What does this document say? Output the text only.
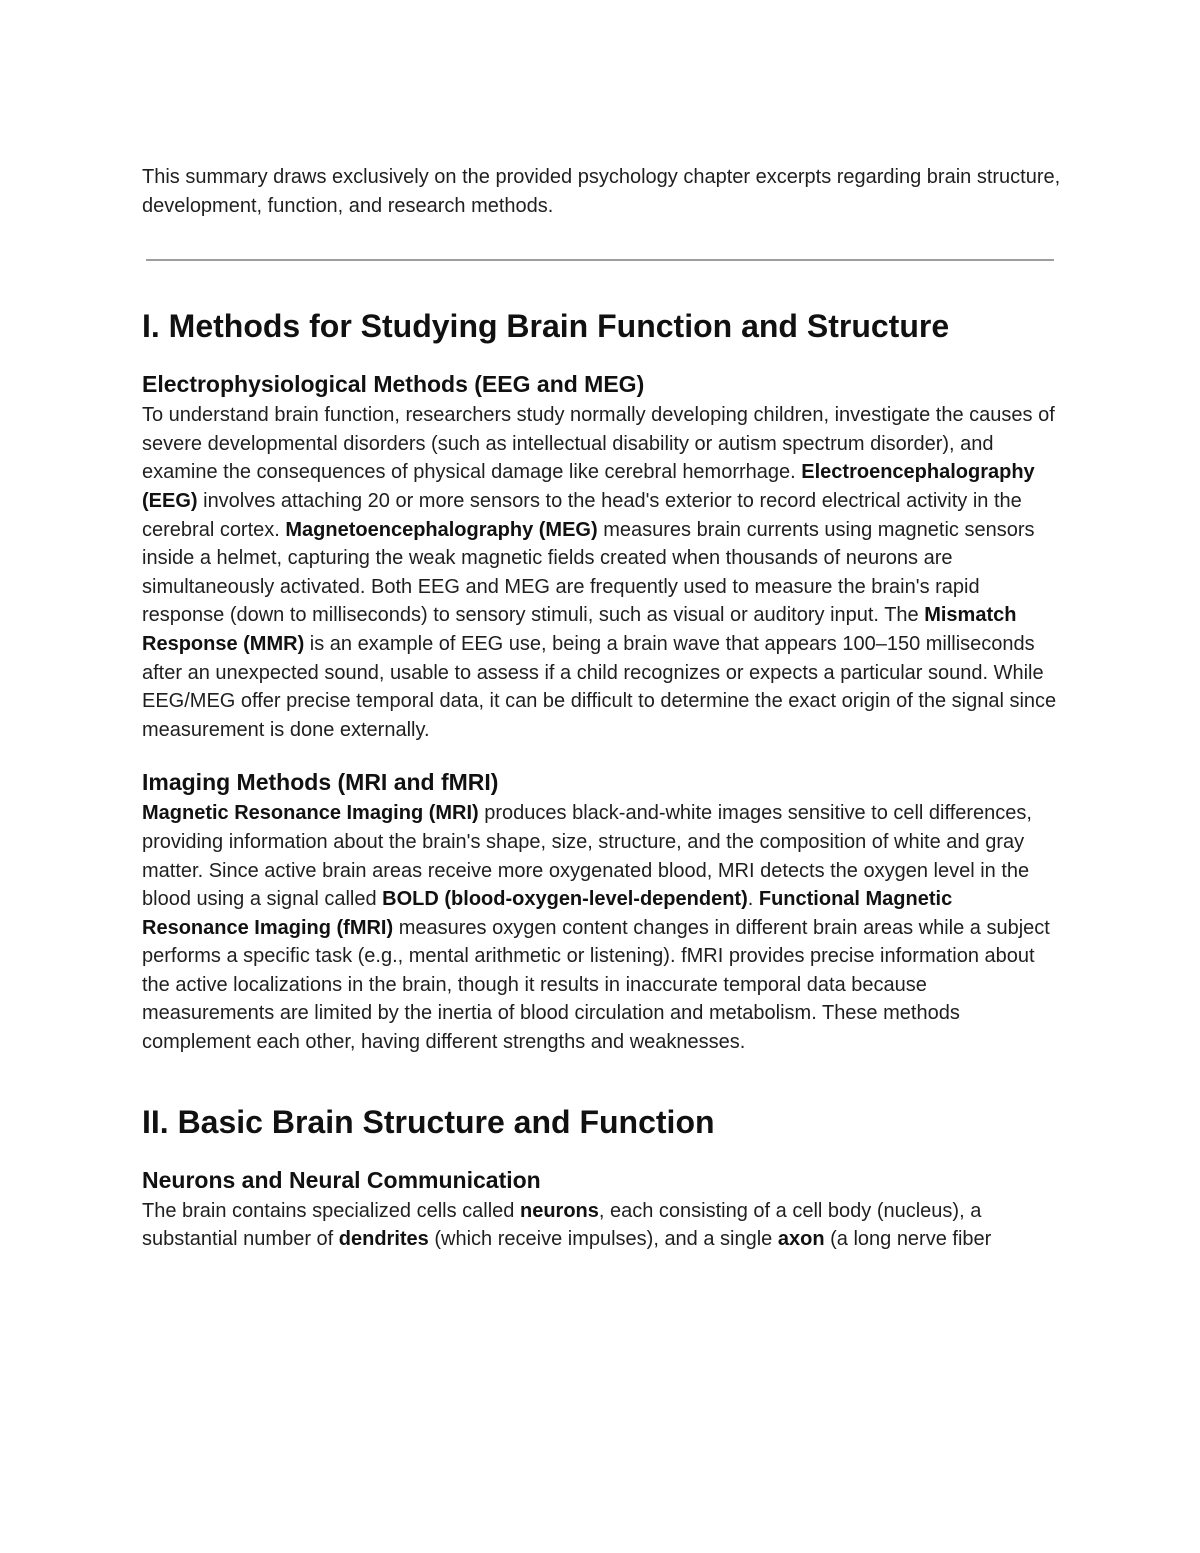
This summary draws exclusively on the provided psychology chapter excerpts regarding brain structure, development, function, and research methods.

I. Methods for Studying Brain Function and Structure
Electrophysiological Methods (EEG and MEG)

To understand brain function, researchers study normally developing children, investigate the causes of severe developmental disorders (such as intellectual disability or autism spectrum disorder), and examine the consequences of physical damage like cerebral hemorrhage. Electroencephalography (EEG) involves attaching 20 or more sensors to the head's exterior to record electrical activity in the cerebral cortex. Magnetoencephalography (MEG) measures brain currents using magnetic sensors inside a helmet, capturing the weak magnetic fields created when thousands of neurons are simultaneously activated. Both EEG and MEG are frequently used to measure the brain's rapid response (down to milliseconds) to sensory stimuli, such as visual or auditory input. The Mismatch Response (MMR) is an example of EEG use, being a brain wave that appears 100–150 milliseconds after an unexpected sound, usable to assess if a child recognizes or expects a particular sound. While EEG/MEG offer precise temporal data, it can be difficult to determine the exact origin of the signal since measurement is done externally.

Imaging Methods (MRI and fMRI)

Magnetic Resonance Imaging (MRI) produces black-and-white images sensitive to cell differences, providing information about the brain's shape, size, structure, and the composition of white and gray matter. Since active brain areas receive more oxygenated blood, MRI detects the oxygen level in the blood using a signal called BOLD (blood-oxygen-level-dependent). Functional Magnetic Resonance Imaging (fMRI) measures oxygen content changes in different brain areas while a subject performs a specific task (e.g., mental arithmetic or listening). fMRI provides precise information about the active localizations in the brain, though it results in inaccurate temporal data because measurements are limited by the inertia of blood circulation and metabolism. These methods complement each other, having different strengths and weaknesses.

II. Basic Brain Structure and Function
Neurons and Neural Communication

The brain contains specialized cells called neurons, each consisting of a cell body (nucleus), a substantial number of dendrites (which receive impulses), and a single axon (a long nerve fiber
